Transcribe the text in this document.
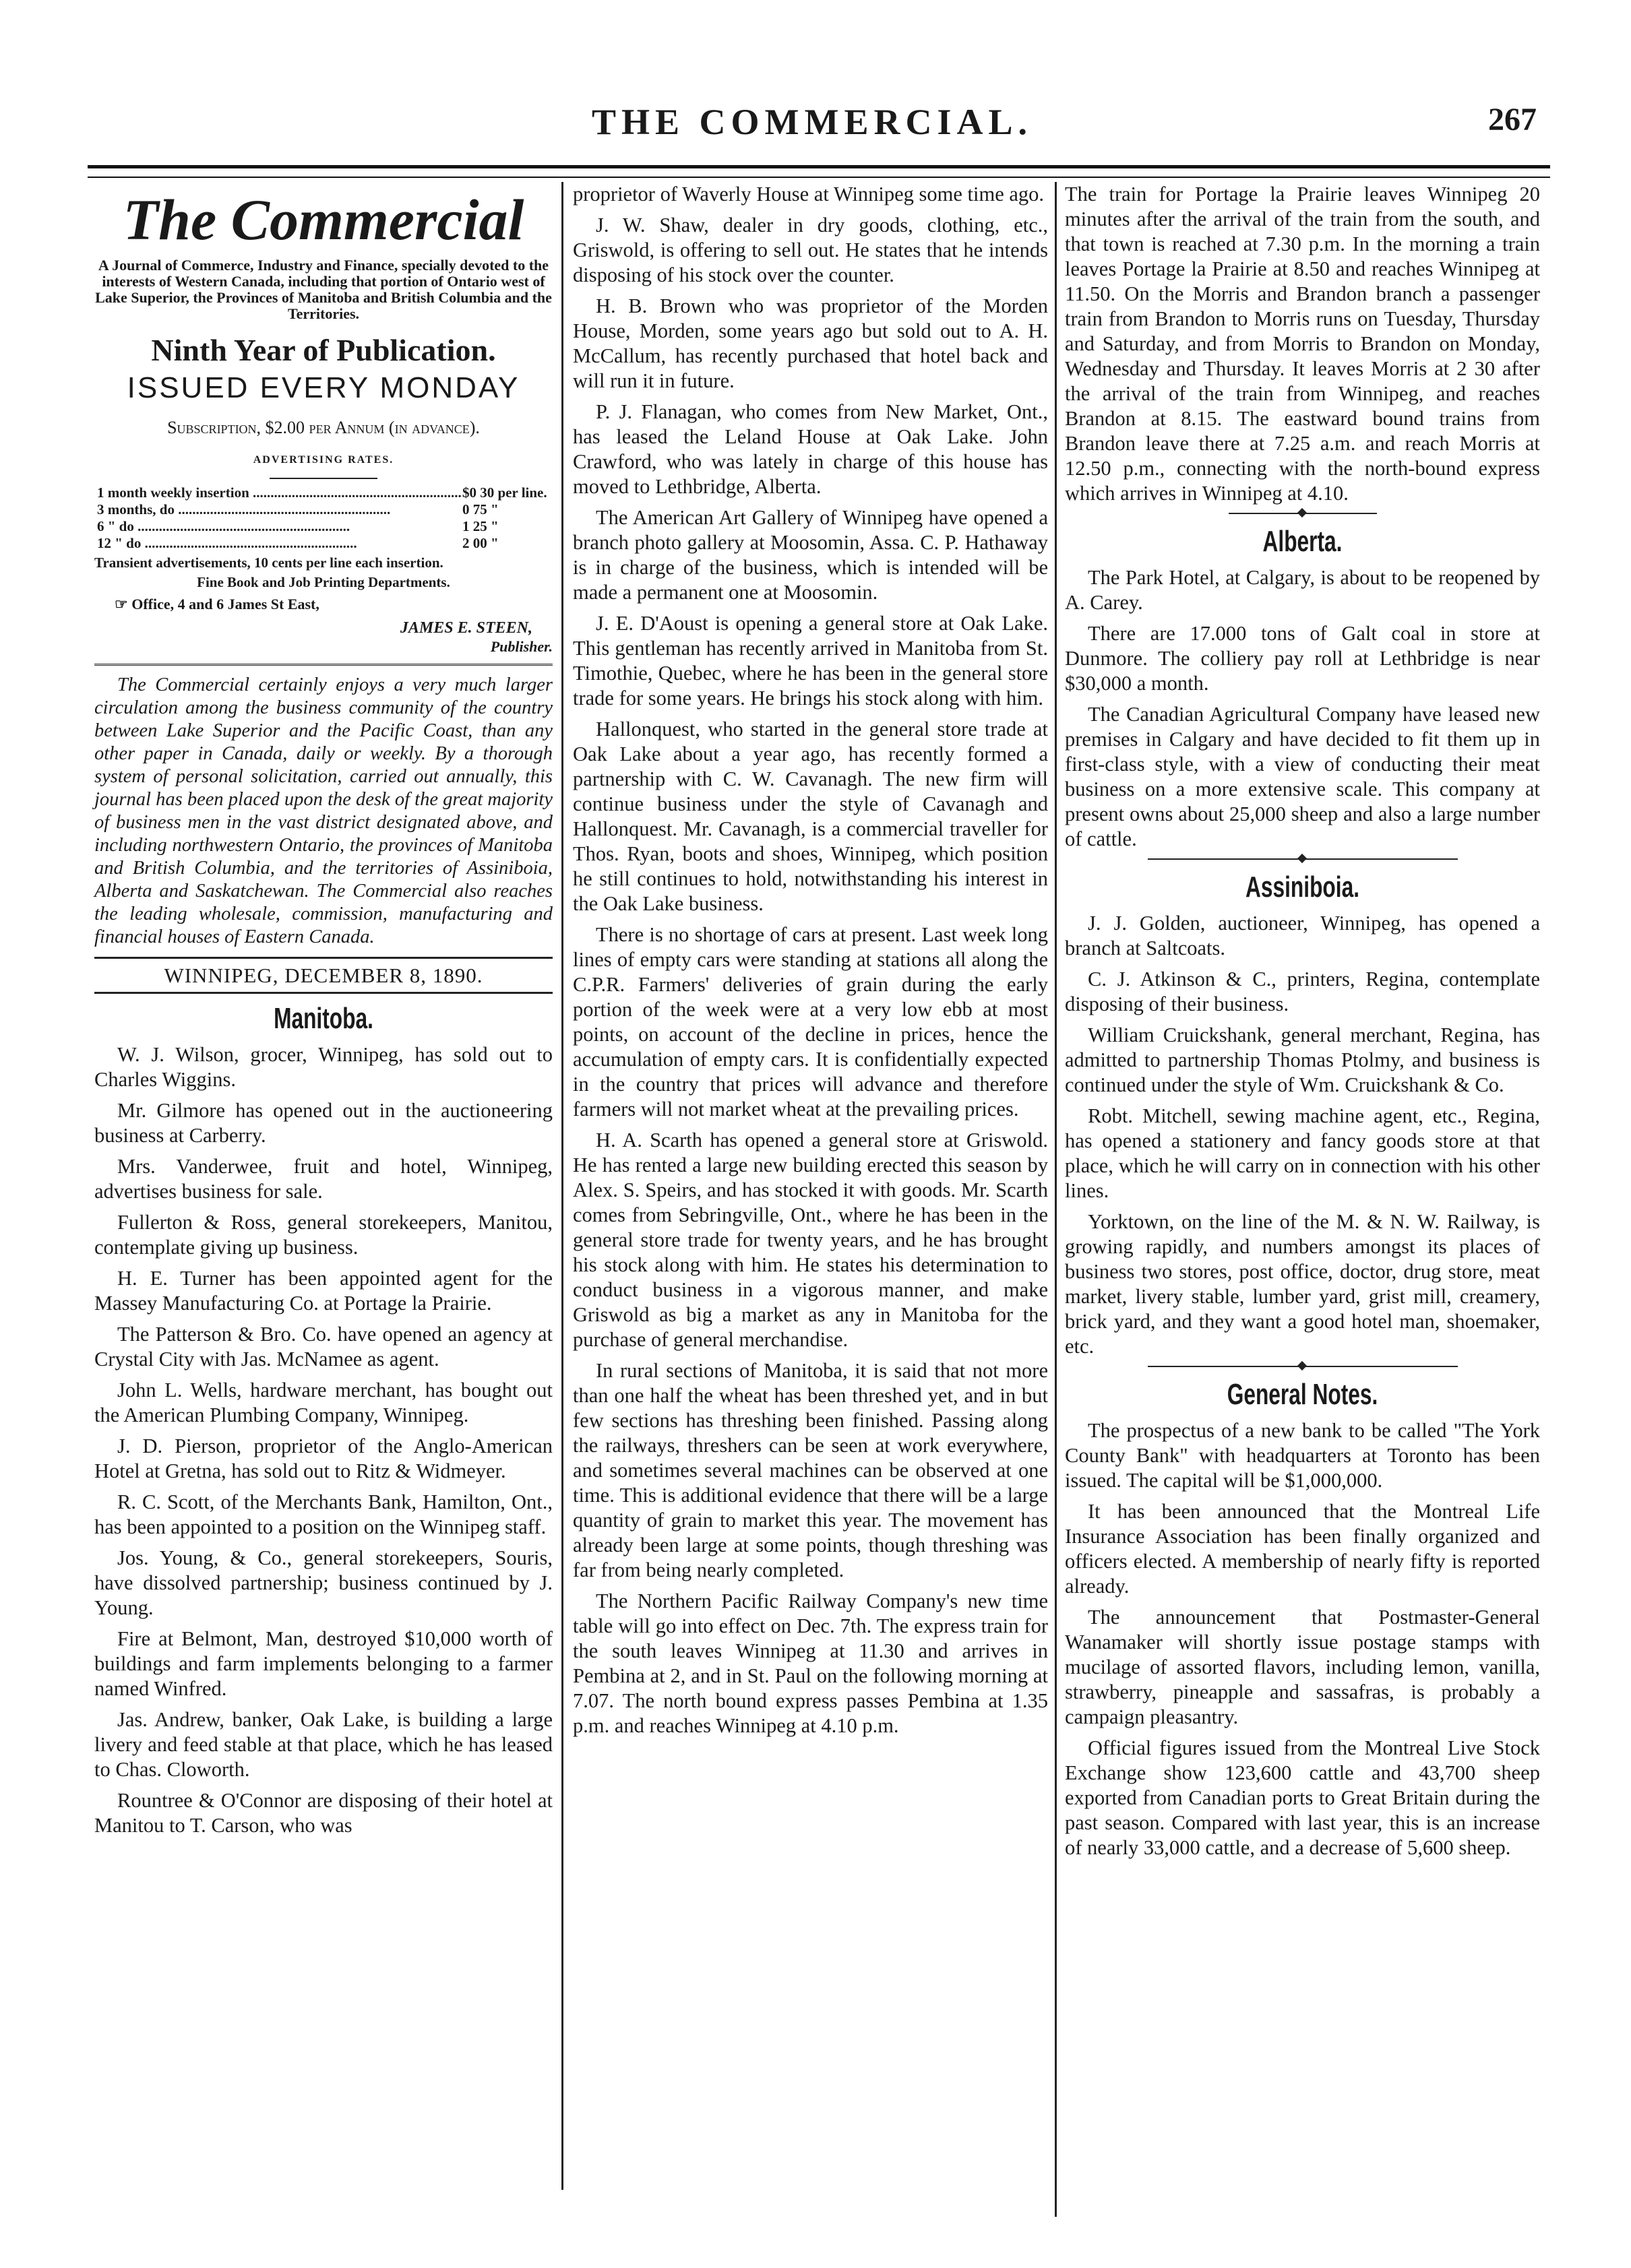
THE COMMERCIAL.	267
The Commercial
A Journal of Commerce, Industry and Finance, specially devoted to the interests of Western Canada, including that portion of Ontario west of Lake Superior, the Provinces of Manitoba and British Columbia and the Territories.
Ninth Year of Publication.
ISSUED EVERY MONDAY
Subscription, $2.00 per Annum (in advance).
ADVERTISING RATES.
1 month weekly insertion .....	$0 30 per line.
3 months, do .....	0 75 "
6 " do .....	1 25 "
12 " do .....	2 00 "
Transient advertisements, 10 cents per line each insertion.
Fine Book and Job Printing Departments.
☞ Office, 4 and 6 James St East,
JAMES E. STEEN,
Publisher.

The Commercial certainly enjoys a very much larger circulation among the business community of the country between Lake Superior and the Pacific Coast, than any other paper in Canada, daily or weekly. By a thorough system of personal solicitation, carried out annually, this journal has been placed upon the desk of the great majority of business men in the vast district designated above, and including northwestern Ontario, the provinces of Manitoba and British Columbia, and the territories of Assiniboia, Alberta and Saskatchewan. The Commercial also reaches the leading wholesale, commission, manufacturing and financial houses of Eastern Canada.

WINNIPEG, DECEMBER 8, 1890.
Manitoba.

W. J. Wilson, grocer, Winnipeg, has sold out to Charles Wiggins.

Mr. Gilmore has opened out in the auctioneering business at Carberry.

Mrs. Vanderwee, fruit and hotel, Winnipeg, advertises business for sale.

Fullerton & Ross, general storekeepers, Manitou, contemplate giving up business.

H. E. Turner has been appointed agent for the Massey Manufacturing Co. at Portage la Prairie.

The Patterson & Bro. Co. have opened an agency at Crystal City with Jas. McNamee as agent.

John L. Wells, hardware merchant, has bought out the American Plumbing Company, Winnipeg.

J. D. Pierson, proprietor of the Anglo-American Hotel at Gretna, has sold out to Ritz & Widmeyer.

R. C. Scott, of the Merchants Bank, Hamilton, Ont., has been appointed to a position on the Winnipeg staff.

Jos. Young, & Co., general storekeepers, Souris, have dissolved partnership; business continued by J. Young.

Fire at Belmont, Man, destroyed $10,000 worth of buildings and farm implements belonging to a farmer named Winfred.

Jas. Andrew, banker, Oak Lake, is building a large livery and feed stable at that place, which he has leased to Chas. Cloworth.

Rountree & O'Connor are disposing of their hotel at Manitou to T. Carson, who was

proprietor of Waverly House at Winnipeg some time ago.

J. W. Shaw, dealer in dry goods, clothing, etc., Griswold, is offering to sell out. He states that he intends disposing of his stock over the counter.

H. B. Brown who was proprietor of the Morden House, Morden, some years ago but sold out to A. H. McCallum, has recently purchased that hotel back and will run it in future.

P. J. Flanagan, who comes from New Market, Ont., has leased the Leland House at Oak Lake. John Crawford, who was lately in charge of this house has moved to Lethbridge, Alberta.

The American Art Gallery of Winnipeg have opened a branch photo gallery at Moosomin, Assa. C. P. Hathaway is in charge of the business, which is intended will be made a permanent one at Moosomin.

J. E. D'Aoust is opening a general store at Oak Lake. This gentleman has recently arrived in Manitoba from St. Timothie, Quebec, where he has been in the general store trade for some years. He brings his stock along with him.

Hallonquest, who started in the general store trade at Oak Lake about a year ago, has recently formed a partnership with C. W. Cavanagh. The new firm will continue business under the style of Cavanagh and Hallonquest. Mr. Cavanagh, is a commercial traveller for Thos. Ryan, boots and shoes, Winnipeg, which position he still continues to hold, notwithstanding his interest in the Oak Lake business.

There is no shortage of cars at present. Last week long lines of empty cars were standing at stations all along the C.P.R. Farmers' deliveries of grain during the early portion of the week were at a very low ebb at most points, on account of the decline in prices, hence the accumulation of empty cars. It is confidentially expected in the country that prices will advance and therefore farmers will not market wheat at the prevailing prices.

H. A. Scarth has opened a general store at Griswold. He has rented a large new building erected this season by Alex. S. Speirs, and has stocked it with goods. Mr. Scarth comes from Sebringville, Ont., where he has been in the general store trade for twenty years, and he has brought his stock along with him. He states his determination to conduct business in a vigorous manner, and make Griswold as big a market as any in Manitoba for the purchase of general merchandise.

In rural sections of Manitoba, it is said that not more than one half the wheat has been threshed yet, and in but few sections has threshing been finished. Passing along the railways, threshers can be seen at work everywhere, and sometimes several machines can be observed at one time. This is additional evidence that there will be a large quantity of grain to market this year. The movement has already been large at some points, though threshing was far from being nearly completed.

The Northern Pacific Railway Company's new time table will go into effect on Dec. 7th. The express train for the south leaves Winnipeg at 11.30 and arrives in Pembina at 2, and in St. Paul on the following morning at 7.07. The north bound express passes Pembina at 1.35 p.m. and reaches Winnipeg at 4.10 p.m.

The train for Portage la Prairie leaves Winnipeg 20 minutes after the arrival of the train from the south, and that town is reached at 7.30 p.m. In the morning a train leaves Portage la Prairie at 8.50 and reaches Winnipeg at 11.50. On the Morris and Brandon branch a passenger train from Brandon to Morris runs on Tuesday, Thursday and Saturday, and from Morris to Brandon on Monday, Wednesday and Thursday. It leaves Morris at 2 30 after the arrival of the train from Winnipeg, and reaches Brandon at 8.15. The eastward bound trains from Brandon leave there at 7.25 a.m. and reach Morris at 12.50 p.m., connecting with the north-bound express which arrives in Winnipeg at 4.10.

Alberta.

The Park Hotel, at Calgary, is about to be reopened by A. Carey.

There are 17.000 tons of Galt coal in store at Dunmore. The colliery pay roll at Lethbridge is near $30,000 a month.

The Canadian Agricultural Company have leased new premises in Calgary and have decided to fit them up in first-class style, with a view of conducting their meat business on a more extensive scale. This company at present owns about 25,000 sheep and also a large number of cattle.

Assiniboia.

J. J. Golden, auctioneer, Winnipeg, has opened a branch at Saltcoats.

C. J. Atkinson & C., printers, Regina, contemplate disposing of their business.

William Cruickshank, general merchant, Regina, has admitted to partnership Thomas Ptolmy, and business is continued under the style of Wm. Cruickshank & Co.

Robt. Mitchell, sewing machine agent, etc., Regina, has opened a stationery and fancy goods store at that place, which he will carry on in connection with his other lines.

Yorktown, on the line of the M. & N. W. Railway, is growing rapidly, and numbers amongst its places of business two stores, post office, doctor, drug store, meat market, livery stable, lumber yard, grist mill, creamery, brick yard, and they want a good hotel man, shoemaker, etc.

General Notes.

The prospectus of a new bank to be called "The York County Bank" with headquarters at Toronto has been issued. The capital will be $1,000,000.

It has been announced that the Montreal Life Insurance Association has been finally organized and officers elected. A membership of nearly fifty is reported already.

The announcement that Postmaster-General Wanamaker will shortly issue postage stamps with mucilage of assorted flavors, including lemon, vanilla, strawberry, pineapple and sassafras, is probably a campaign pleasantry.

Official figures issued from the Montreal Live Stock Exchange show 123,600 cattle and 43,700 sheep exported from Canadian ports to Great Britain during the past season. Compared with last year, this is an increase of nearly 33,000 cattle, and a decrease of 5,600 sheep.
